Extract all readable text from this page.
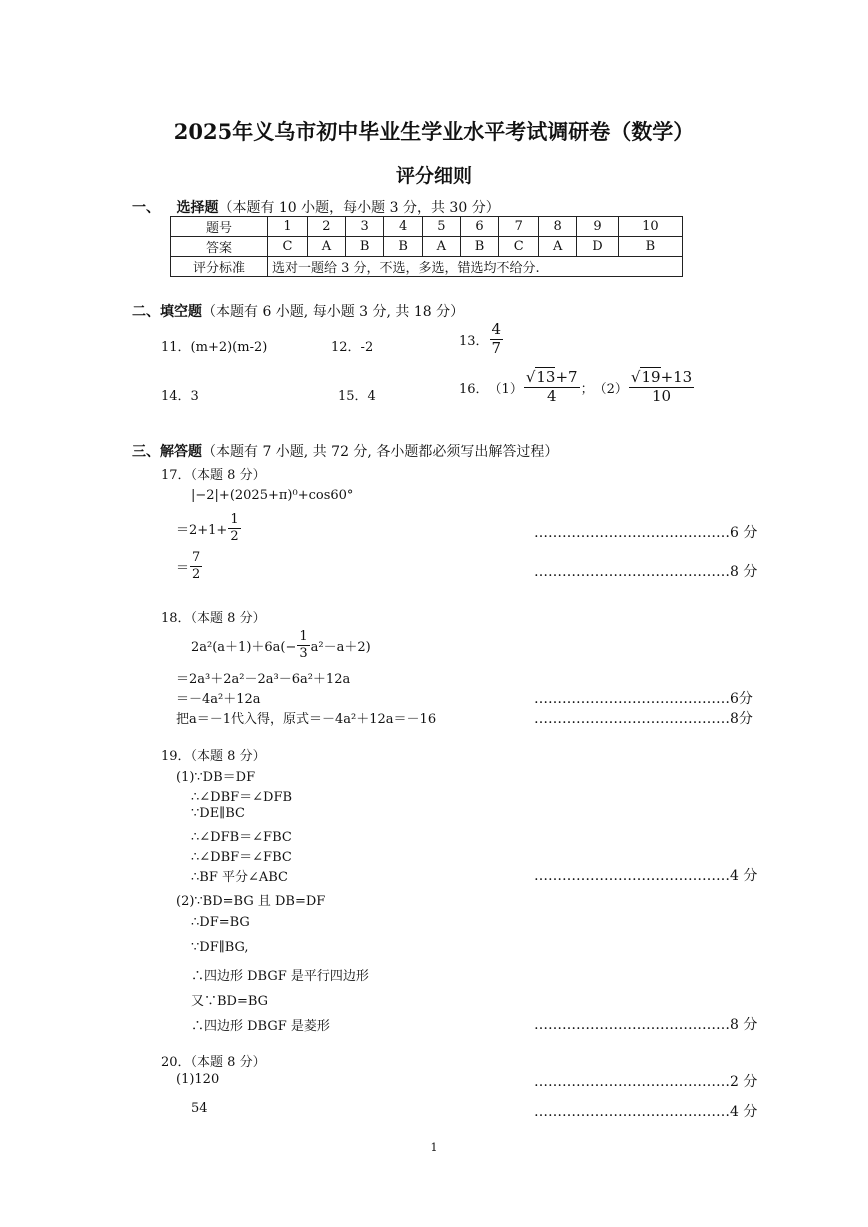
2025年义乌市初中毕业生学业水平考试调研卷（数学）
评分细则
一、 选择题（本题有 10 小题，每小题 3 分，共 30 分）
题号	1	2	3	4	5	6	7	8	9	10
答案	C	A	B	B	A	B	C	A	D	B
评分标准	选对一题给 3 分，不选，多选，错选均不给分.									
二、填空题（本题有 6 小题, 每小题 3 分, 共 18 分）
11．(m+2)(m-2)	12．-2	13． $\frac{4}{7}$
14．3	15．4	16． $(1) \frac{√13+7}{4}$ ； $(2) \frac{√19+13}{10}$
三、解答题（本题有 7 小题, 共 72 分, 各小题都必须写出解答过程）
17．（本题 8 分）
|−2|+(2025+π)⁰+cos60°
$=2+1+ \frac{1}{2}$	……………………………………6 分
＝ $\frac{7}{2}$	……………………………………8 分
18．（本题 8 分）
$2a^2(a+1)+6a(- \frac{1}{3} a^2-a+2)$
＝2a³＋2a²－2a³－6a²＋12a
＝－4a²＋12a	……………………………………6分
把a＝－1代入得，原式＝－4a²＋12a＝－16	……………………………………8分
19．（本题 8 分）
(1)∵DB＝DF
∴∠DBF＝∠DFB
∵DE∥BC
∴∠DFB＝∠FBC
∴∠DBF＝∠FBC
∴BF 平分∠ABC	……………………………………4 分
(2)∵BD=BG 且 DB=DF
∴DF=BG
∵DF∥BG,
∴四边形 DBGF 是平行四边形
又∵BD=BG
∴四边形 DBGF 是菱形	……………………………………8 分
20．（本题 8 分）
(1)120	……………………………………2 分
54	……………………………………4 分
1
